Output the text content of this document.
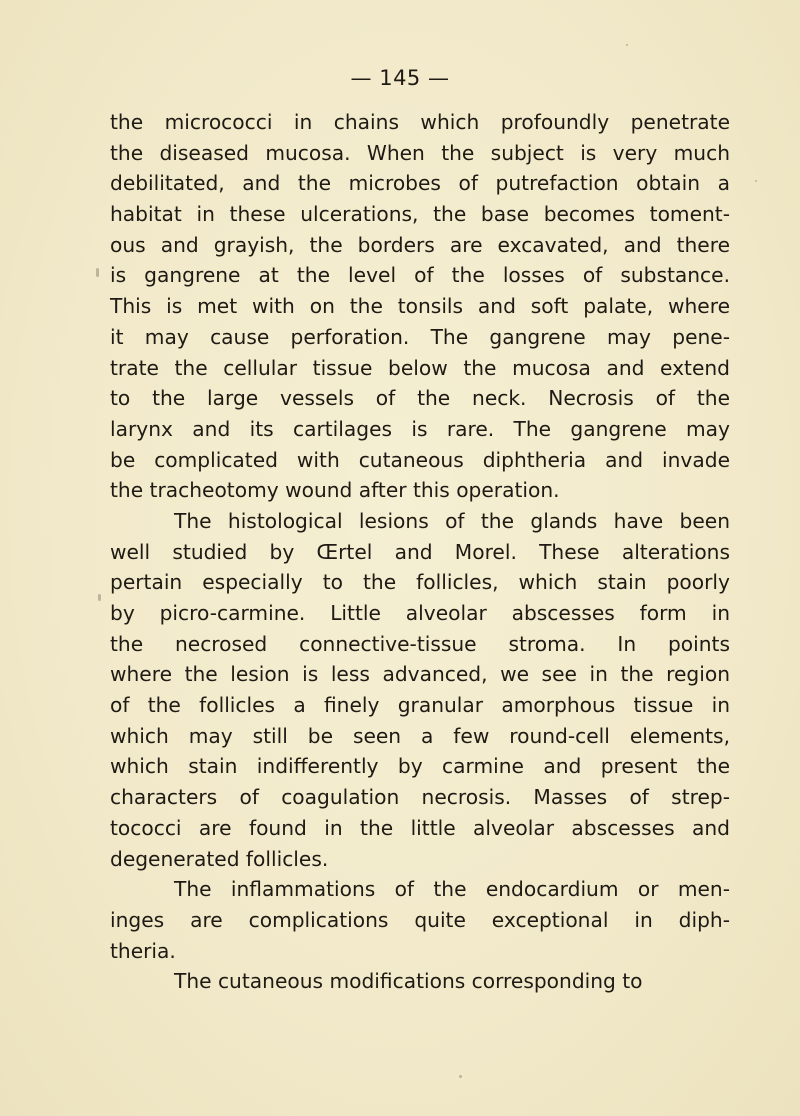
— 145 —
the micrococci in chains which profoundly penetrate
the diseased mucosa. When the subject is very much
debilitated, and the microbes of putrefaction obtain a
habitat in these ulcerations, the base becomes toment-
ous and grayish, the borders are excavated, and there
is gangrene at the level of the losses of substance.
This is met with on the tonsils and soft palate, where
it may cause perforation. The gangrene may pene-
trate the cellular tissue below the mucosa and extend
to the large vessels of the neck. Necrosis of the
larynx and its cartilages is rare. The gangrene may
be complicated with cutaneous diphtheria and invade
the tracheotomy wound after this operation.
The histological lesions of the glands have been
well studied by Œrtel and Morel. These alterations
pertain especially to the follicles, which stain poorly
by picro-carmine. Little alveolar abscesses form in
the necrosed connective-tissue stroma. In points
where the lesion is less advanced, we see in the region
of the follicles a finely granular amorphous tissue in
which may still be seen a few round-cell elements,
which stain indifferently by carmine and present the
characters of coagulation necrosis. Masses of strep-
tococci are found in the little alveolar abscesses and
degenerated follicles.
The inflammations of the endocardium or men-
inges are complications quite exceptional in diph-
theria.
The cutaneous modifications corresponding to
